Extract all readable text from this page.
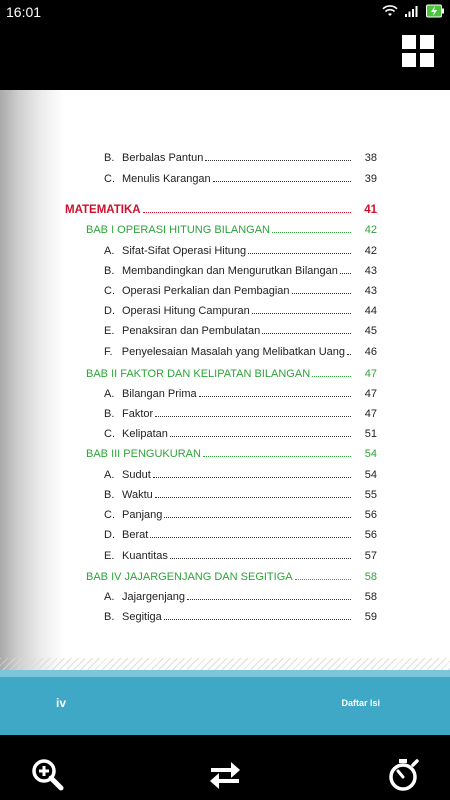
16:01
B. Berbalas Pantun	38
C. Menulis Karangan	39
MATEMATIKA	41
BAB I OPERASI HITUNG BILANGAN	42
A. Sifat-Sifat Operasi Hitung	42
B. Membandingkan dan Mengurutkan Bilangan	43
C. Operasi Perkalian dan Pembagian	43
D. Operasi Hitung Campuran	44
E. Penaksiran dan Pembulatan	45
F. Penyelesaian Masalah yang Melibatkan Uang	46
BAB II FAKTOR DAN KELIPATAN BILANGAN	47
A. Bilangan Prima	47
B. Faktor	47
C. Kelipatan	51
BAB III PENGUKURAN	54
A. Sudut	54
B. Waktu	55
C. Panjang	56
D. Berat	56
E. Kuantitas	57
BAB IV JAJARGENJANG DAN SEGITIGA	58
A. Jajargenjang	58
B. Segitiga	59
iv	Daftar Isi
